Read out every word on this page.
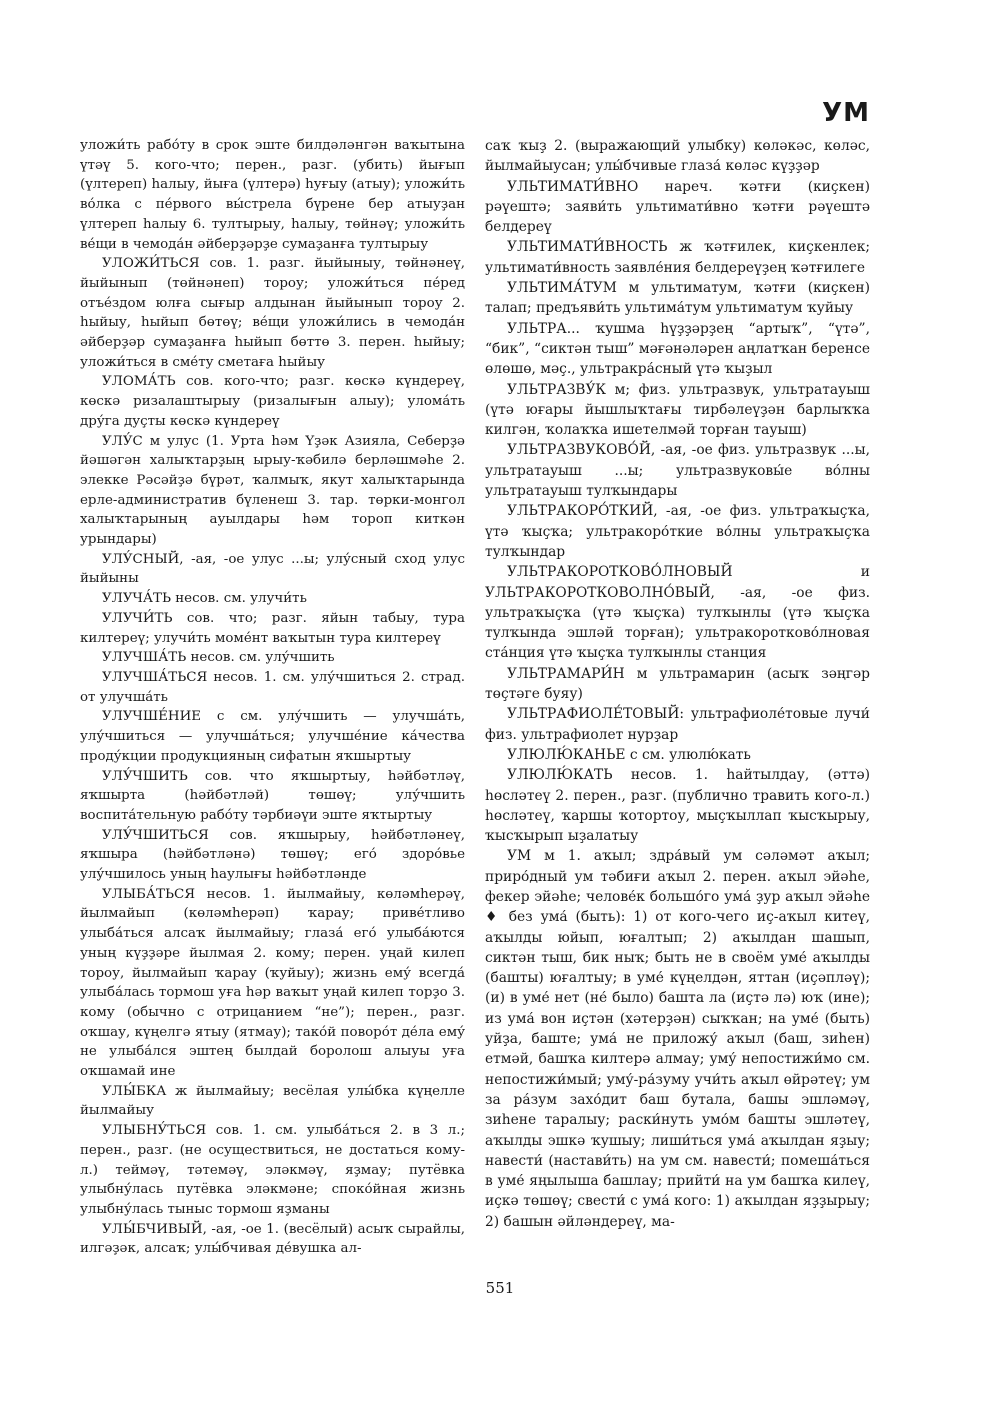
УМ

уложи́ть рабо́ту в срок эште билдәләнгән ваҡытына үтәү 5. кого-что; перен., разг. (убить) йығып (үлтереп) һалыу, йыға (үлтерә) һуғыу (атыу); уложи́ть во́лка с пе́рвого вы́стрела бүрене бер атыуҙан үлтереп һалыу 6. тултырыу, һалыу, төйнәү; уложи́ть ве́щи в чемода́н әйберҙәрҙе сумаҙанға тултырыу

УЛОЖИ́ТЬСЯ сов. 1. разг. йыйыныу, төйнәнеү, йыйынып (төйнәнеп) тороу; уложи́ться пе́ред отъе́здом юлға сығыр алдынан йыйынып тороу 2. һыйыу, һыйып бөтөү; ве́щи уложи́лись в чемода́н әйберҙәр сумаҙанға һыйып бөттө 3. перен. һыйыу; уложи́ться в сме́ту сметаға һыйыу

УЛОМА́ТЬ сов. кого-что; разг. көскә күндереү, көскә ризалаштырыу (ризалығын алыу); улома́ть дру́га дуҫты көскә күндереү

УЛУ́С м улус (1. Урта һәм Үҙәк Азияла, Себерҙә йәшәгән халыҡтарҙың ырыу-ҡәбилә берләшмәһе 2. элекке Рәсәйҙә бүрәт, ҡалмыҡ, якут халыҡтарында ерле-административ бүленеш 3. тар. төрки-монгол халыҡтарының ауылдары һәм тороп киткән урындары)

УЛУ́СНЫЙ, -ая, -ое улус ...ы; улу́сный сход улус йыйыны

УЛУЧА́ТЬ несов. см. улучи́ть

УЛУЧИ́ТЬ сов. что; разг. яйын табыу, тура килтереү; улучи́ть моме́нт ваҡытын тура килтереү

УЛУЧША́ТЬ несов. см. улу́чшить

УЛУЧША́ТЬСЯ несов. 1. см. улу́чшиться 2. страд. от улучша́ть

УЛУЧШЕ́НИЕ с см. улу́чшить — улучша́ть, улу́чшиться — улучша́ться; улучше́ние ка́чества проду́кции продукцияның сифатын яҡшыртыу

УЛУ́ЧШИТЬ сов. что яҡшыртыу, һәйбәтләү, яҡшырта (һәйбәтләй) төшөү; улу́чшить воспита́тельную рабо́ту тәрбиәүи эште яҡтыртыу

УЛУ́ЧШИТЬСЯ сов. яҡшырыу, һәйбәтләнеү, яҡшыра (һәйбәтләнә) төшөү; его́ здоро́вье улу́чшилось уның һаулығы һәйбәтләнде

УЛЫБА́ТЬСЯ несов. 1. йылмайыу, көләмһерәү, йылмайып (көләмһерәп) ҡарау; приве́тливо улыба́ться алсаҡ йылмайыу; глаза́ его́ улыба́ются уның күҙҙәре йылмая 2. кому; перен. уңай килеп тороу, йылмайып ҡарау (ҡуйыу); жизнь ему́ всегда́ улыба́лась тормош уға һәр ваҡыт уңай килеп торҙо 3. кому (обычно с отрицанием “не”); перен., разг. оҡшау, күңелгә ятыу (ятмау); тако́й поворо́т де́ла ему́ не улыба́лся эштең былдай боролош алыуы уға оҡшамай ине

УЛЫ́БКА ж йылмайыу; весёлая улы́бка күңелле йылмайыу

УЛЫБНУ́ТЬСЯ сов. 1. см. улыба́ться 2. в 3 л.; перен., разг. (не осуществиться, не достаться кому-л.) теймәү, тәтемәү, эләкмәү, яҙмау; путёвка улыбну́лась путёвка эләкмәне; споко́йная жизнь улыбну́лась тыныс тормош яҙманы

УЛЫ́БЧИВЫЙ, -ая, -ое 1. (весёлый) асыҡ сырайлы, илгәҙәк, алсаҡ; улы́бчивая де́вушка ал-

саҡ ҡыҙ 2. (выражающий улыбку) көләкәс, көләс, йылмайыусан; улы́бчивые глаза́ көләс күҙҙәр

УЛЬТИМАТИ́ВНО нареч. ҡәтғи (киҫкен) рәүештә; заяви́ть ультимати́вно ҡәтғи рәүештә белдереү

УЛЬТИМАТИ́ВНОСТЬ ж ҡәтғилек, киҫкенлек; ультимати́вность заявле́ния белдереүҙең ҡәтғилеге

УЛЬТИМА́ТУМ м ультиматум, ҡәтғи (киҫкен) талап; предъяви́ть ультима́тум ультиматум ҡуйыу

УЛЬТРА... ҡушма һүҙҙәрҙең “артыҡ”, “үтә”, “бик”, “сиктән тыш” мәғәнәләрен аңлатҡан беренсе өлөшө, мәҫ., ультракра́сный үтә ҡыҙыл

УЛЬТРАЗВУ́К м; физ. ультразвук, ультратауыш (үтә юғары йышлыҡтағы тирбәлеүҙән барлыҡҡа килгән, ҡолаҡҡа ишетелмәй торған тауыш)

УЛЬТРАЗВУКОВО́Й, -ая, -ое физ. ультразвук ...ы, ультратауыш ...ы; ультразвуковы́е во́лны ультратауыш тулҡындары

УЛЬТРАКОРО́ТКИЙ, -ая, -ое физ. ультраҡыҫҡа, үтә ҡыҫҡа; ультракоро́ткие во́лны ультраҡыҫҡа тулҡындар

УЛЬТРАКОРОТКОВО́ЛНОВЫЙ и УЛЬТРАКОРОТКОВОЛНО́ВЫЙ, -ая, -ое физ. ультраҡыҫҡа (үтә ҡыҫҡа) тулҡынлы (үтә ҡыҫҡа тулҡында эшләй торған); ультракоротково́лновая ста́нция үтә ҡыҫҡа тулҡынлы станция

УЛЬТРАМАРИ́Н м ультрамарин (асыҡ зәңгәр төҫтәге буяу)

УЛЬТРАФИОЛЕ́ТОВЫЙ: ультрафиоле́товые лучи́ физ. ультрафиолет нурҙар

УЛЮЛЮ́КАНЬЕ с см. улюлю́кать

УЛЮЛЮ́КАТЬ несов. 1. һайтылдау, (әттә) һөсләтеү 2. перен., разг. (публично травить кого-л.) һөсләтеү, ҡаршы ҡотортоу, мыҫҡыллап ҡысҡырыу, ҡысҡырып ыҙалатыу

УМ м 1. аҡыл; здра́вый ум сәләмәт аҡыл; приро́дный ум тәбиғи аҡыл 2. перен. аҡыл эйәһе, фекер эйәһе; челове́к большо́го ума́ ҙур аҡыл эйәһе ♦ без ума́ (быть): 1) от кого-чего иҫ-аҡыл китеү, аҡылды юйып, юғалтып; 2) аҡылдан шашып, сиктән тыш, бик ныҡ; быть не в своём уме́ аҡылды (башты) юғалтыу; в уме́ күңелдән, яттан (иҫәпләү); (и) в уме́ нет (не́ было) башта ла (иҫтә лә) юҡ (ине); из ума́ вон иҫтән (хәтерҙән) сыҡҡан; на уме́ (быть) уйҙа, баште; ума́ не приложу́ аҡыл (баш, зиһен) етмәй, башҡа килтерә алмау; уму́ непостижи́мо см. непостижи́мый; уму́-ра́зуму учи́ть аҡыл өйрәтеү; ум за ра́зум захо́дит баш бутала, башы эшләмәү, зиһене таралыу; раски́нуть умо́м башты эшләтеү, аҡылды эшкә ҡушыу; лиши́ться ума́ аҡылдан яҙыу; навести́ (настави́ть) на ум см. навести́; помеша́ться в уме́ яңылыша башлау; прийти́ на ум башҡа килеү, иҫкә төшөү; свести́ с ума́ кого: 1) аҡылдан яҙҙырыу; 2) башын әйләндереү, ма-

551
